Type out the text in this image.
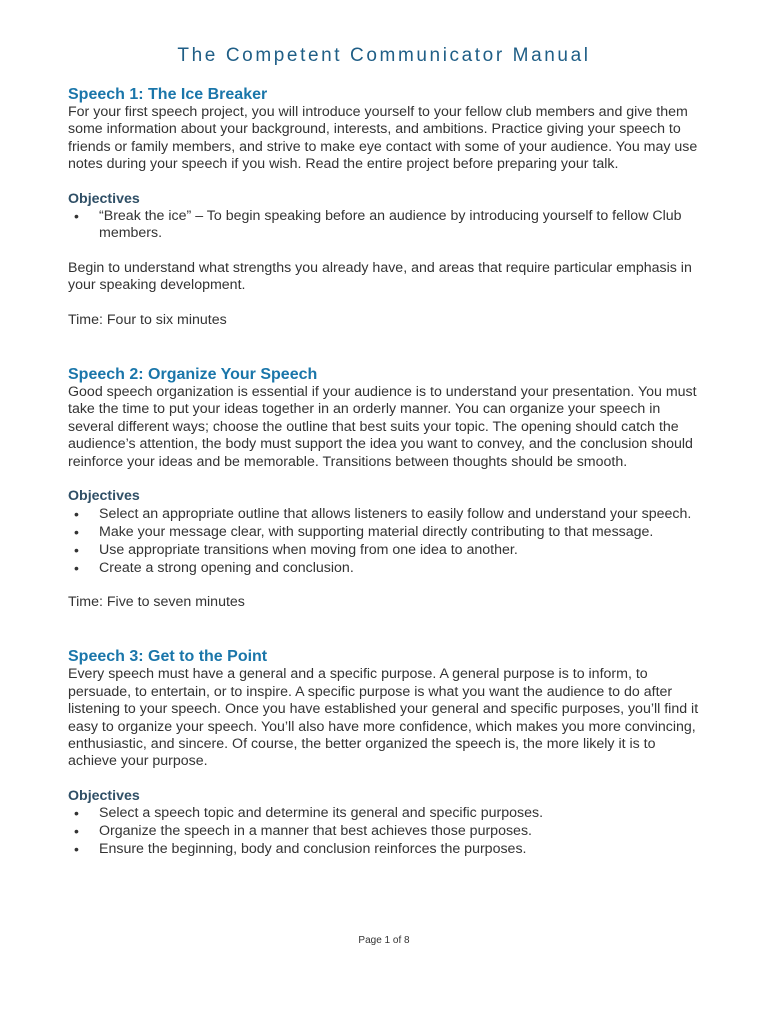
The Competent Communicator Manual
Speech 1: The Ice Breaker

For your first speech project, you will introduce yourself to your fellow club members and give them some information about your background, interests, and ambitions. Practice giving your speech to friends or family members, and strive to make eye contact with some of your audience. You may use notes during your speech if you wish. Read the entire project before preparing your talk.

Objectives
• “Break the ice” – To begin speaking before an audience by introducing yourself to fellow Club members.

Begin to understand what strengths you already have, and areas that require particular emphasis in your speaking development.

Time: Four to six minutes

Speech 2: Organize Your Speech

Good speech organization is essential if your audience is to understand your presentation. You must take the time to put your ideas together in an orderly manner. You can organize your speech in several different ways; choose the outline that best suits your topic. The opening should catch the audience’s attention, the body must support the idea you want to convey, and the conclusion should reinforce your ideas and be memorable. Transitions between thoughts should be smooth.

Objectives
• Select an appropriate outline that allows listeners to easily follow and understand your speech.
• Make your message clear, with supporting material directly contributing to that message.
• Use appropriate transitions when moving from one idea to another.
• Create a strong opening and conclusion.

Time: Five to seven minutes

Speech 3: Get to the Point

Every speech must have a general and a specific purpose. A general purpose is to inform, to persuade, to entertain, or to inspire. A specific purpose is what you want the audience to do after listening to your speech. Once you have established your general and specific purposes, you’ll find it easy to organize your speech. You’ll also have more confidence, which makes you more convincing, enthusiastic, and sincere. Of course, the better organized the speech is, the more likely it is to achieve your purpose.

Objectives
• Select a speech topic and determine its general and specific purposes.
• Organize the speech in a manner that best achieves those purposes.
• Ensure the beginning, body and conclusion reinforces the purposes.
Page 1 of 8
